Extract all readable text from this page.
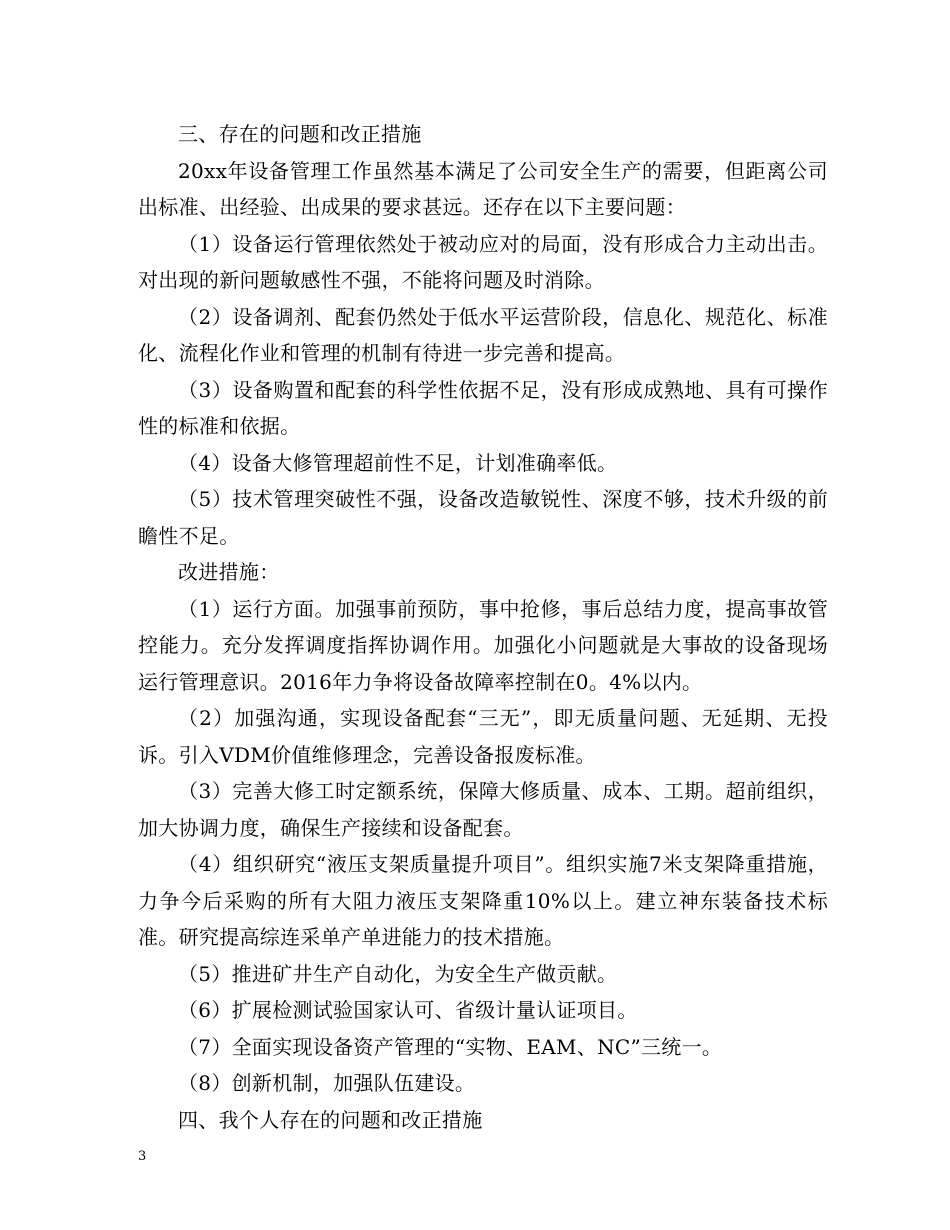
三、存在的问题和改正措施

20xx年设备管理工作虽然基本满足了公司安全生产的需要，但距离公司出标准、出经验、出成果的要求甚远。还存在以下主要问题：

（1）设备运行管理依然处于被动应对的局面，没有形成合力主动出击。对出现的新问题敏感性不强，不能将问题及时消除。

（2）设备调剂、配套仍然处于低水平运营阶段，信息化、规范化、标准化、流程化作业和管理的机制有待进一步完善和提高。

（3）设备购置和配套的科学性依据不足，没有形成成熟地、具有可操作性的标准和依据。

（4）设备大修管理超前性不足，计划准确率低。

（5）技术管理突破性不强，设备改造敏锐性、深度不够，技术升级的前瞻性不足。

改进措施：

（1）运行方面。加强事前预防，事中抢修，事后总结力度，提高事故管控能力。充分发挥调度指挥协调作用。加强化小问题就是大事故的设备现场运行管理意识。2016年力争将设备故障率控制在0。4%以内。

（2）加强沟通，实现设备配套“三无”，即无质量问题、无延期、无投诉。引入VDM价值维修理念，完善设备报废标准。

（3）完善大修工时定额系统，保障大修质量、成本、工期。超前组织，加大协调力度，确保生产接续和设备配套。

（4）组织研究“液压支架质量提升项目”。组织实施7米支架降重措施，力争今后采购的所有大阻力液压支架降重10%以上。建立神东装备技术标准。研究提高综连采单产单进能力的技术措施。

（5）推进矿井生产自动化，为安全生产做贡献。

（6）扩展检测试验国家认可、省级计量认证项目。

（7）全面实现设备资产管理的“实物、EAM、NC”三统一。

（8）创新机制，加强队伍建设。

四、我个人存在的问题和改正措施

3
